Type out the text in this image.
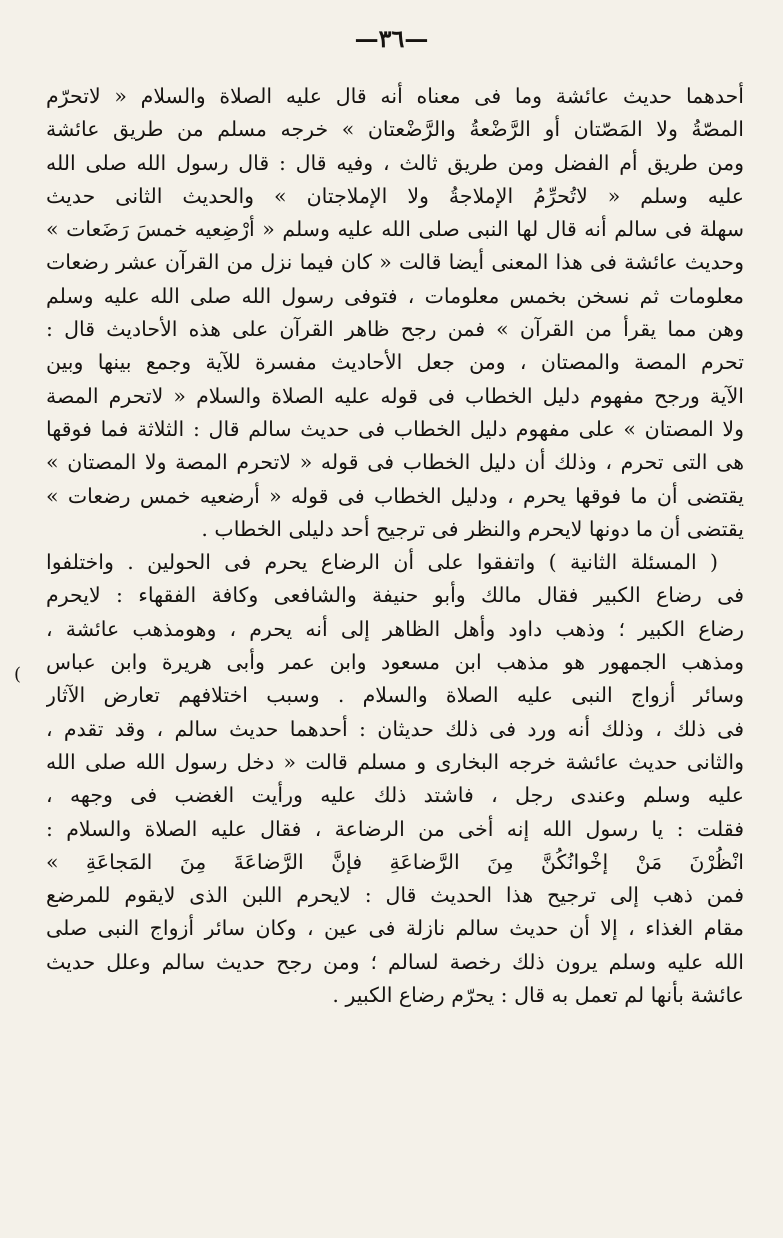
—٣٦—
(
أحدهما حديث عائشة وما فى معناه أنه قال عليه الصلاة والسلام « لاتحرّم
المصّةُ ولا المَصّتان أو الرَّضْعةُ والرَّضْعتان » خرجه مسلم من طريق عائشة
ومن طريق أم الفضل ومن طريق ثالث ، وفيه قال : قال رسول الله صلى الله
عليه وسلم « لاتُحرِّمُ الإملاجةُ ولا الإملاجتان » والحديث الثانى حديث
سهلة فى سالم أنه قال لها النبى صلى الله عليه وسلم « أرْضِعيه خمسَ رَضَعات »
وحديث عائشة فى هذا المعنى أيضا قالت « كان فيما نزل من القرآن عشر رضعات
معلومات ثم نسخن بخمس معلومات ، فتوفى رسول الله صلى الله عليه وسلم
وهن مما يقرأ من القرآن » فمن رجح ظاهر القرآن على هذه الأحاديث قال :
تحرم المصة والمصتان ، ومن جعل الأحاديث مفسرة للآية وجمع بينها وبين
الآية ورجح مفهوم دليل الخطاب فى قوله عليه الصلاة والسلام « لاتحرم المصة
ولا المصتان » على مفهوم دليل الخطاب فى حديث سالم قال : الثلاثة فما فوقها
هى التى تحرم ، وذلك أن دليل الخطاب فى قوله « لاتحرم المصة ولا المصتان »
يقتضى أن ما فوقها يحرم ، ودليل الخطاب فى قوله « أرضعيه خمس رضعات »
يقتضى أن ما دونها لايحرم والنظر فى ترجيح أحد دليلى الخطاب .
( المسئلة الثانية ) واتفقوا على أن الرضاع يحرم فى الحولين . واختلفوا
فى رضاع الكبير فقال مالك وأبو حنيفة والشافعى وكافة الفقهاء : لايحرم
رضاع الكبير ؛ وذهب داود وأهل الظاهر إلى أنه يحرم ، وهومذهب عائشة ،
ومذهب الجمهور هو مذهب ابن مسعود وابن عمر وأبى هريرة وابن عباس
وسائر أزواج النبى عليه الصلاة والسلام . وسبب اختلافهم تعارض الآثار
فى ذلك ، وذلك أنه ورد فى ذلك حديثان : أحدهما حديث سالم ، وقد تقدم ،
والثانى حديث عائشة خرجه البخارى و مسلم قالت « دخل رسول الله صلى الله
عليه وسلم وعندى رجل ، فاشتد ذلك عليه ورأيت الغضب فى وجهه ،
فقلت : يا رسول الله إنه أخى من الرضاعة ، فقال عليه الصلاة والسلام :
انْظُرْنَ مَنْ إخْوانُكُنَّ مِنَ الرَّضاعَةِ فإنَّ الرَّضاعَةَ مِنَ المَجاعَةِ »
فمن ذهب إلى ترجيح هذا الحديث قال : لايحرم اللبن الذى لايقوم للمرضع
مقام الغذاء ، إلا أن حديث سالم نازلة فى عين ، وكان سائر أزواج النبى صلى
الله عليه وسلم يرون ذلك رخصة لسالم ؛ ومن رجح حديث سالم وعلل حديث
عائشة بأنها لم تعمل به قال : يحرّم رضاع الكبير .
